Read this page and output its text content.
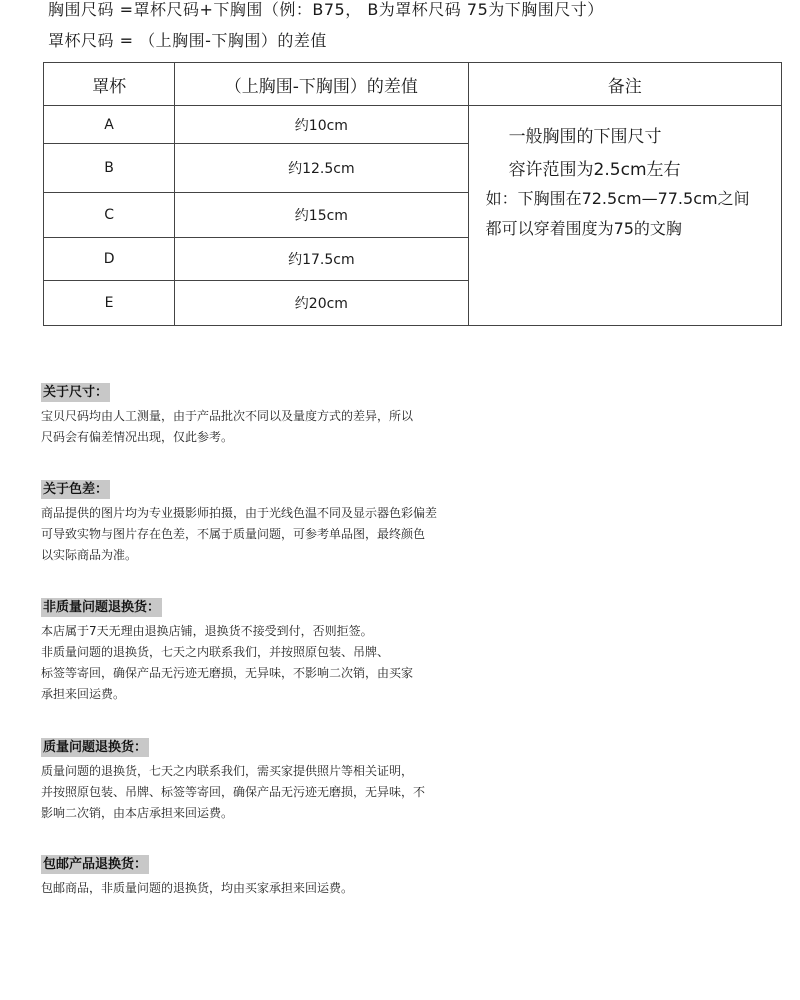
胸围尺码 =罩杯尺码+下胸围（例：B75， B为罩杯尺码 75为下胸围尺寸）
罩杯尺码 = （上胸围-下胸围）的差值
罩杯	（上胸围-下胸围）的差值	备注
A	约10cm	一般胸围的下围尺寸
容许范围为2.5cm左右
如：下胸围在72.5cm—77.5cm之间
都可以穿着围度为75的文胸

B	约12.5cm	
C	约15cm	
D	约17.5cm	
E	约20cm	
关于尺寸：
宝贝尺码均由人工测量，由于产品批次不同以及量度方式的差异，所以
尺码会有偏差情况出现，仅此参考。
关于色差：
商品提供的图片均为专业摄影师拍摄，由于光线色温不同及显示器色彩偏差
可导致实物与图片存在色差，不属于质量问题，可参考单品图，最终颜色
以实际商品为准。
非质量问题退换货：
本店属于7天无理由退换店铺，退换货不接受到付，否则拒签。
非质量问题的退换货，七天之内联系我们，并按照原包装、吊牌、
标签等寄回，确保产品无污迹无磨损，无异味，不影响二次销，由买家
承担来回运费。
质量问题退换货：
质量问题的退换货，七天之内联系我们，需买家提供照片等相关证明，
并按照原包装、吊牌、标签等寄回，确保产品无污迹无磨损，无异味，不
影响二次销，由本店承担来回运费。
包邮产品退换货：
包邮商品，非质量问题的退换货，均由买家承担来回运费。
